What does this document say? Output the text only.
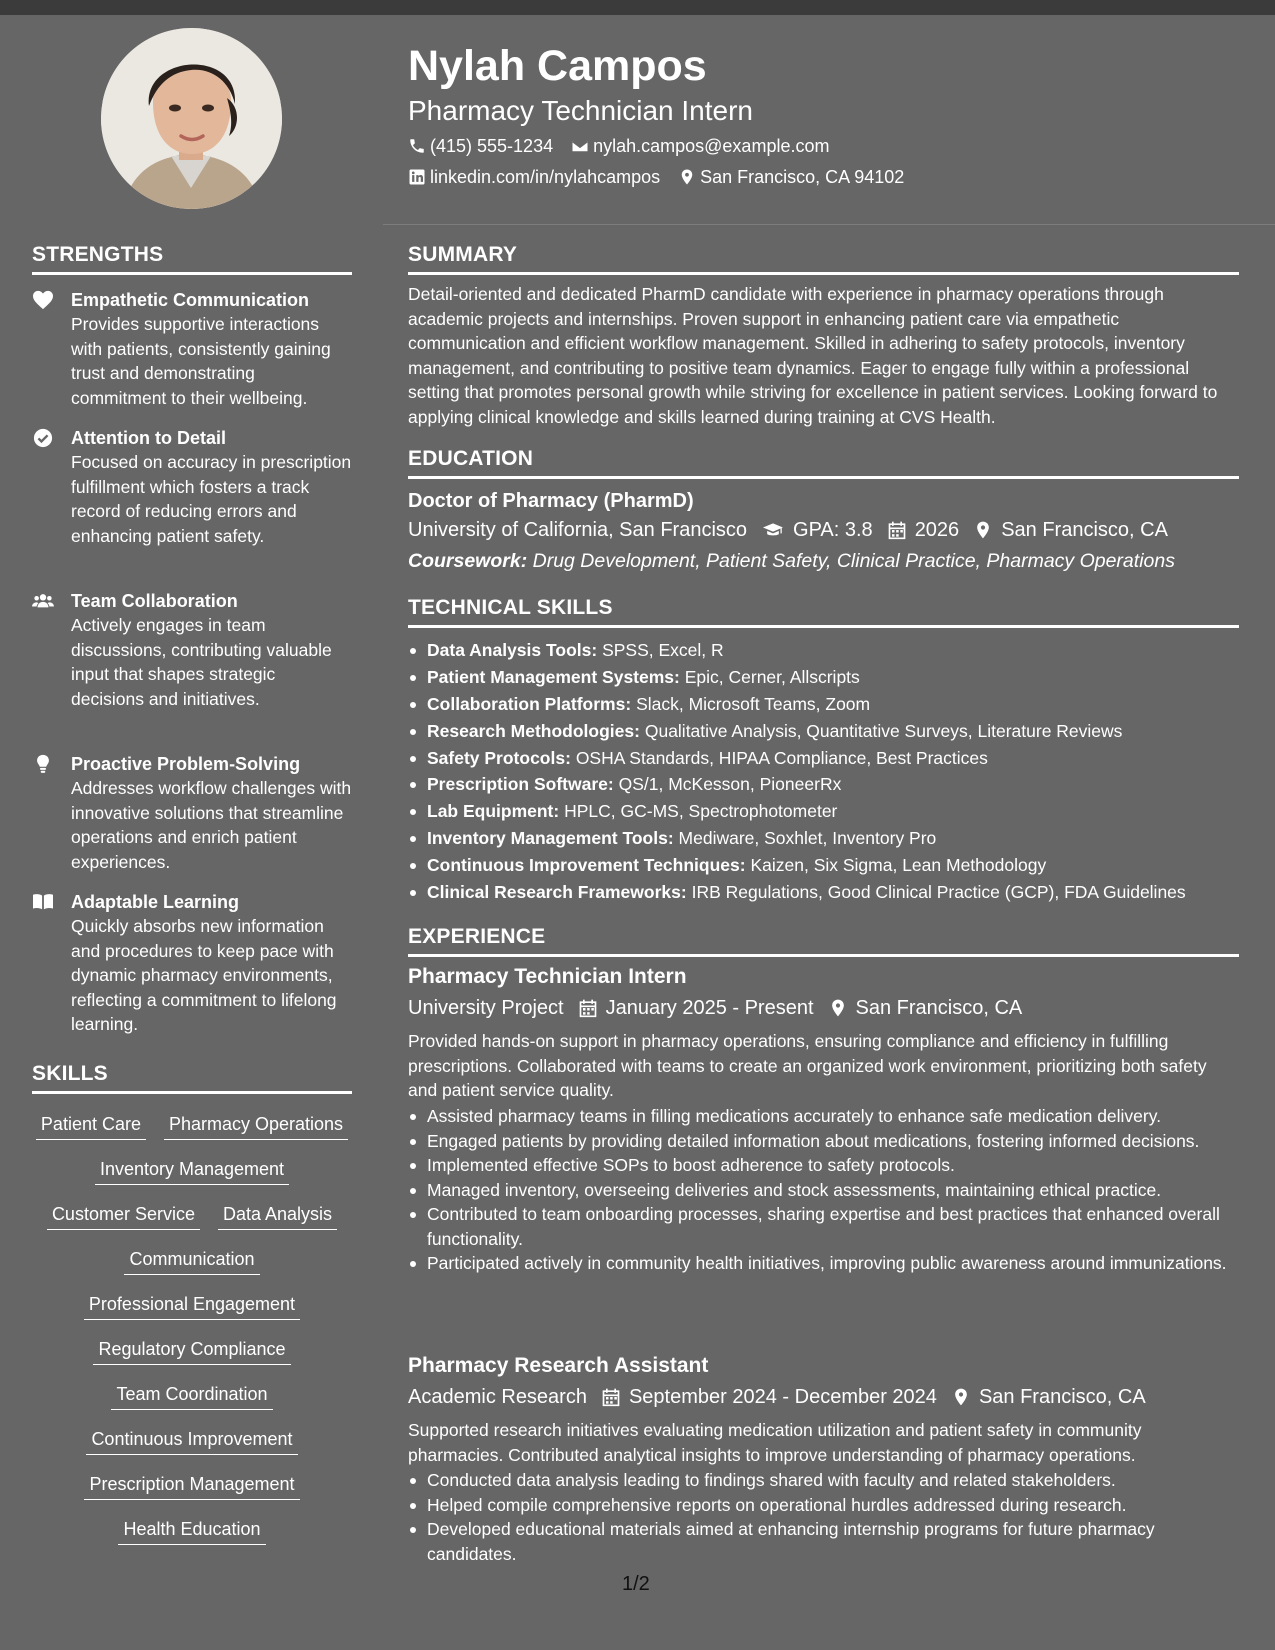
Nylah Campos
Pharmacy Technician Intern
(415) 555-1234 nylah.campos@example.com
linkedin.com/in/nylahcampos San Francisco, CA 94102
STRENGTHS
Empathetic Communication
Provides supportive interactions with patients, consistently gaining trust and demonstrating commitment to their wellbeing.
Attention to Detail
Focused on accuracy in prescription fulfillment which fosters a track record of reducing errors and enhancing patient safety.
Team Collaboration
Actively engages in team discussions, contributing valuable input that shapes strategic decisions and initiatives.
Proactive Problem-Solving
Addresses workflow challenges with innovative solutions that streamline operations and enrich patient experiences.
Adaptable Learning
Quickly absorbs new information and procedures to keep pace with dynamic pharmacy environments, reflecting a commitment to lifelong learning.
SKILLS
Patient Care Pharmacy Operations
Inventory Management
Customer Service Data Analysis
Communication
Professional Engagement
Regulatory Compliance
Team Coordination
Continuous Improvement
Prescription Management
Health Education
SUMMARY
Detail-oriented and dedicated PharmD candidate with experience in pharmacy operations through academic projects and internships. Proven support in enhancing patient care via empathetic communication and efficient workflow management. Skilled in adhering to safety protocols, inventory management, and contributing to positive team dynamics. Eager to engage fully within a professional setting that promotes personal growth while striving for excellence in patient services. Looking forward to applying clinical knowledge and skills learned during training at CVS Health.
EDUCATION
Doctor of Pharmacy (PharmD)
University of California, San Francisco GPA: 3.8 2026 San Francisco, CA
Coursework: Drug Development, Patient Safety, Clinical Practice, Pharmacy Operations
TECHNICAL SKILLS
Data Analysis Tools: SPSS, Excel, R
Patient Management Systems: Epic, Cerner, Allscripts
Collaboration Platforms: Slack, Microsoft Teams, Zoom
Research Methodologies: Qualitative Analysis, Quantitative Surveys, Literature Reviews
Safety Protocols: OSHA Standards, HIPAA Compliance, Best Practices
Prescription Software: QS/1, McKesson, PioneerRx
Lab Equipment: HPLC, GC-MS, Spectrophotometer
Inventory Management Tools: Mediware, Soxhlet, Inventory Pro
Continuous Improvement Techniques: Kaizen, Six Sigma, Lean Methodology
Clinical Research Frameworks: IRB Regulations, Good Clinical Practice (GCP), FDA Guidelines
EXPERIENCE
Pharmacy Technician Intern
University Project January 2025 - Present San Francisco, CA
Provided hands-on support in pharmacy operations, ensuring compliance and efficiency in fulfilling prescriptions. Collaborated with teams to create an organized work environment, prioritizing both safety and patient service quality.
Assisted pharmacy teams in filling medications accurately to enhance safe medication delivery.
Engaged patients by providing detailed information about medications, fostering informed decisions.
Implemented effective SOPs to boost adherence to safety protocols.
Managed inventory, overseeing deliveries and stock assessments, maintaining ethical practice.
Contributed to team onboarding processes, sharing expertise and best practices that enhanced overall functionality.
Participated actively in community health initiatives, improving public awareness around immunizations.
Pharmacy Research Assistant
Academic Research September 2024 - December 2024 San Francisco, CA
Supported research initiatives evaluating medication utilization and patient safety in community pharmacies. Contributed analytical insights to improve understanding of pharmacy operations.
Conducted data analysis leading to findings shared with faculty and related stakeholders.
Helped compile comprehensive reports on operational hurdles addressed during research.
Developed educational materials aimed at enhancing internship programs for future pharmacy candidates.
1/2
